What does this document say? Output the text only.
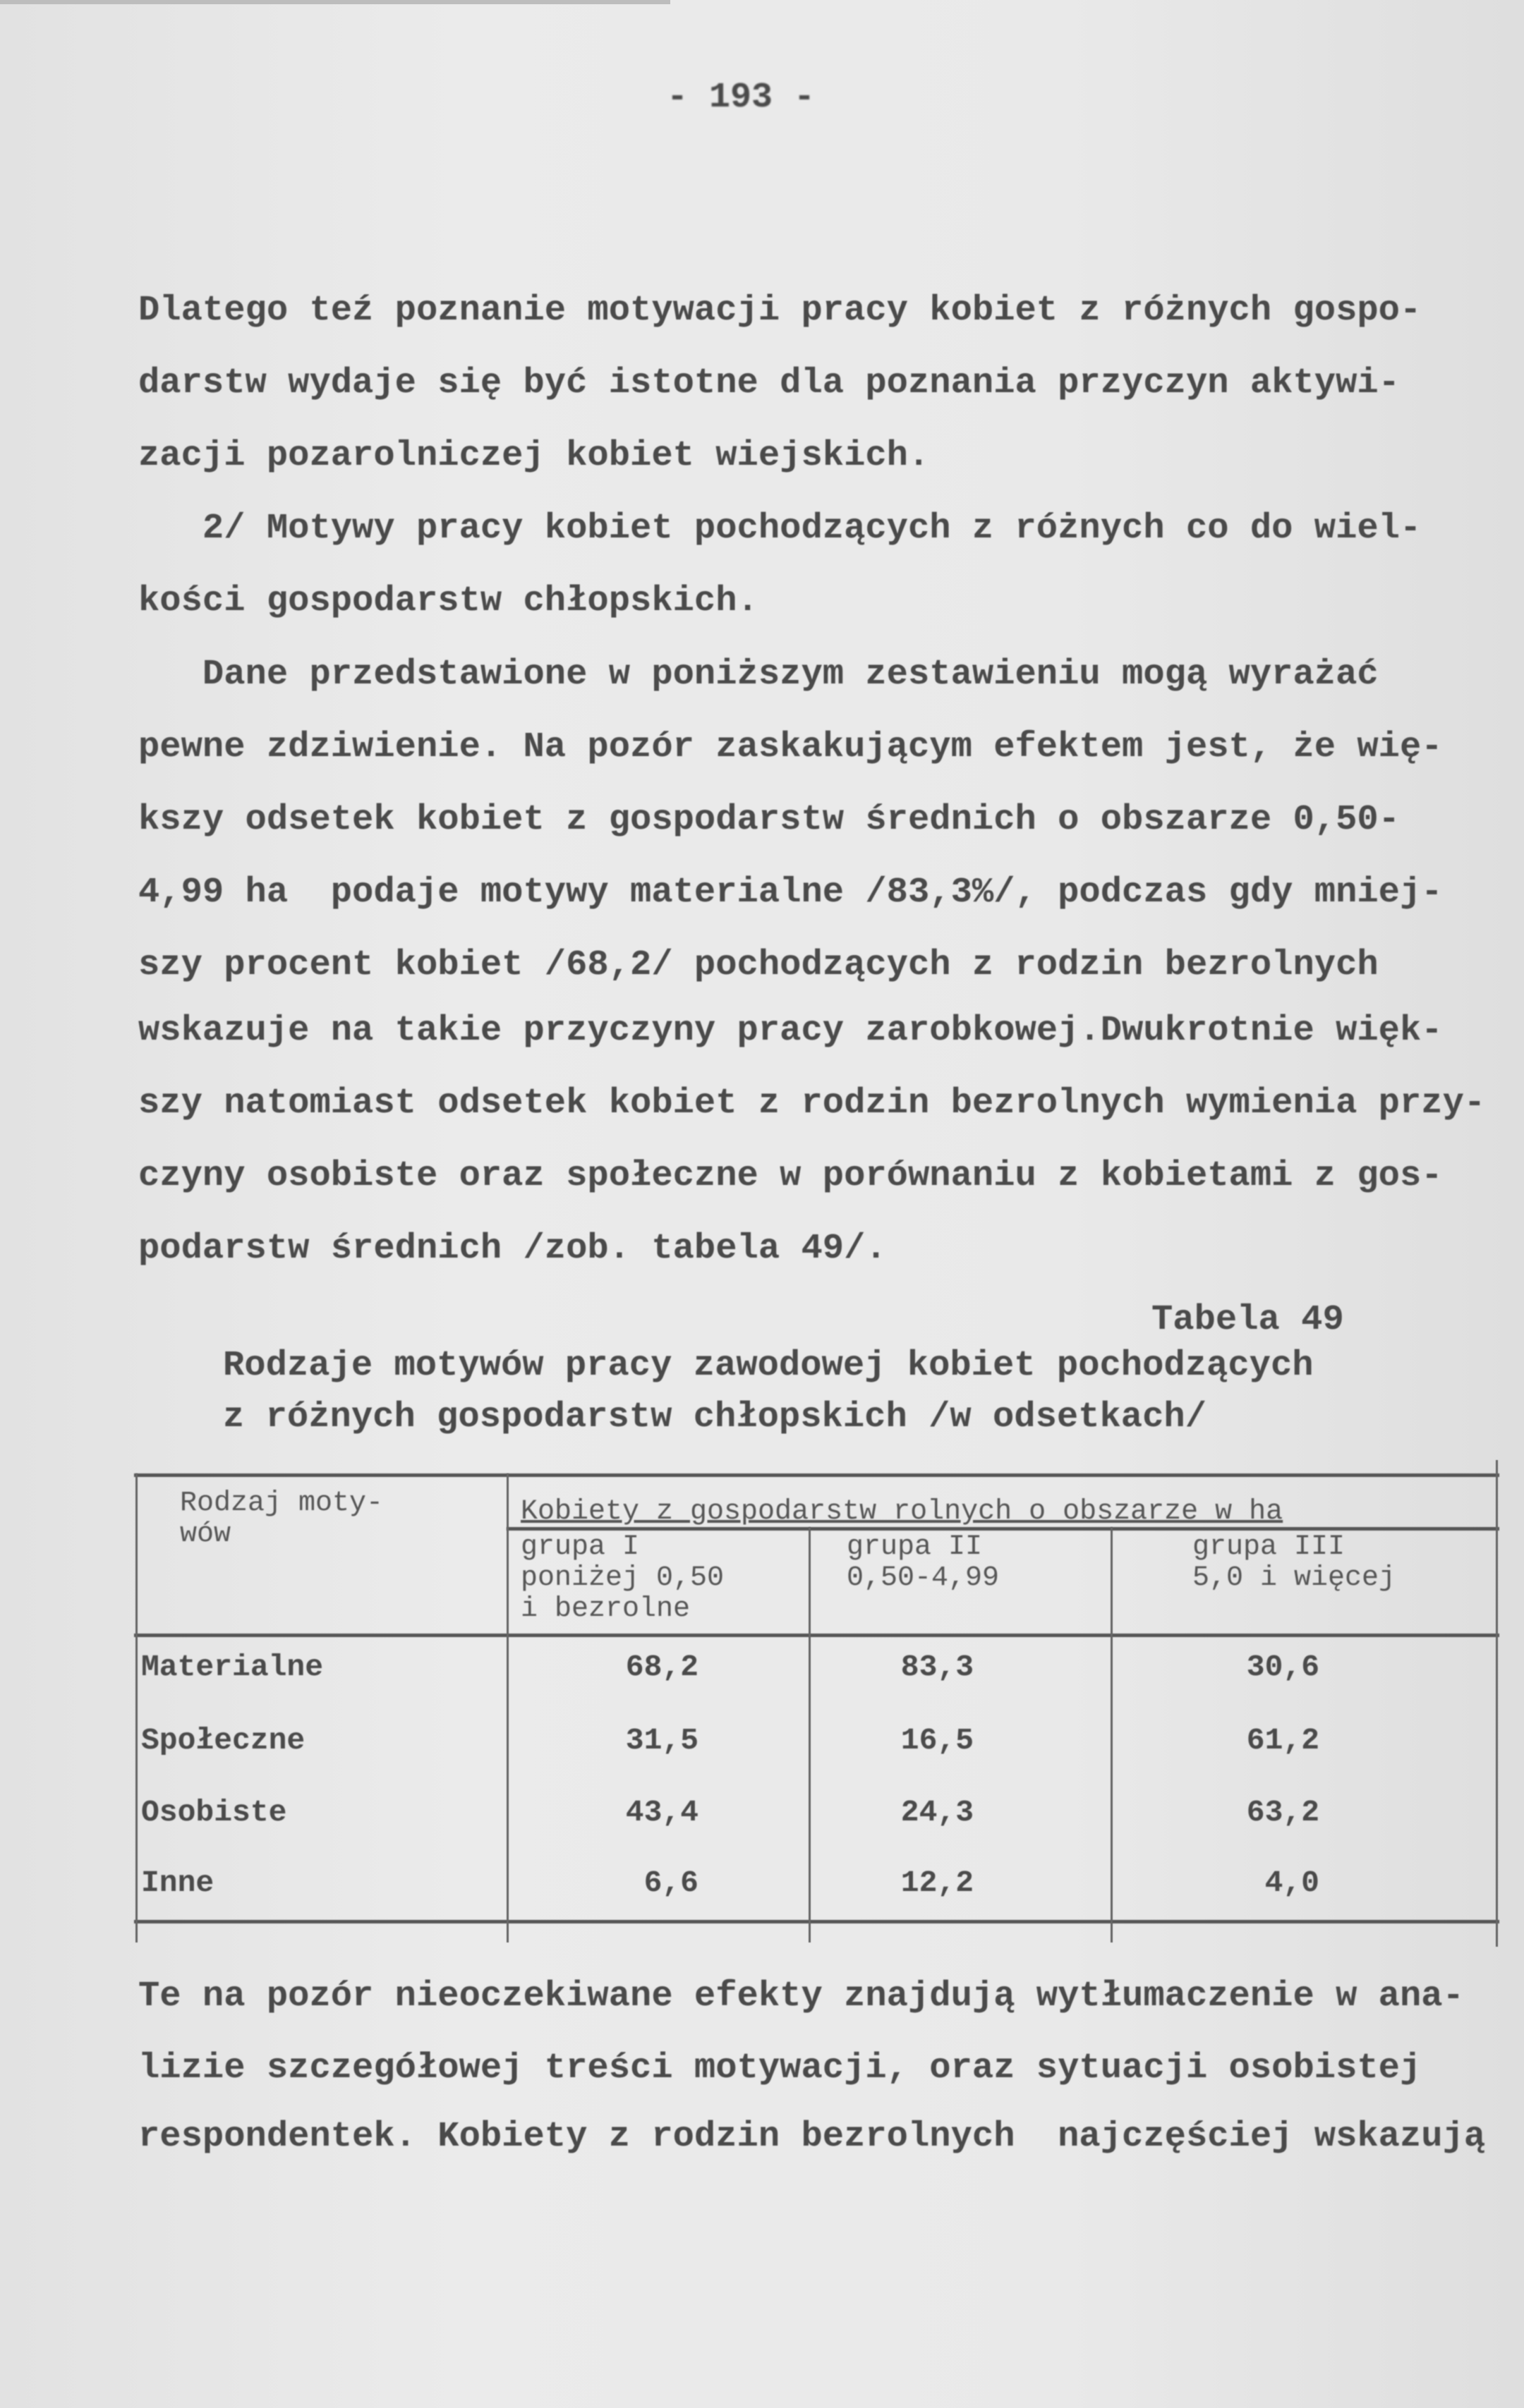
- 193 -
Dlatego teź poznanie motywacji pracy kobiet z różnych gospo-
darstw wydaje się być istotne dla poznania przyczyn aktywi-
zacji pozarolniczej kobiet wiejskich.
2/ Motywy pracy kobiet pochodzących z różnych co do wiel-
kości gospodarstw chłopskich.
Dane przedstawione w poniższym zestawieniu mogą wyrażać
pewne zdziwienie. Na pozór zaskakującym efektem jest, że wię-
kszy odsetek kobiet z gospodarstw średnich o obszarze 0,50-
4,99 ha  podaje motywy materialne /83,3%/, podczas gdy mniej-
szy procent kobiet /68,2/ pochodzących z rodzin bezrolnych
wskazuje na takie przyczyny pracy zarobkowej.Dwukrotnie więk-
szy natomiast odsetek kobiet z rodzin bezrolnych wymienia przy-
czyny osobiste oraz społeczne w porównaniu z kobietami z gos-
podarstw średnich /zob. tabela 49/.
Tabela 49
Rodzaje motywów pracy zawodowej kobiet pochodzących
z różnych gospodarstw chłopskich /w odsetkach/
Rodzaj moty-
wów
Kobiety z gospodarstw rolnych o obszarze w ha
grupa I
poniżej 0,50
i bezrolne
grupa II
0,50-4,99
grupa III
5,0 i więcej
Materialne	68,2	83,3	30,6
Społeczne	31,5	16,5	61,2
Osobiste	43,4	24,3	63,2
Inne	6,6	12,2	4,0
Te na pozór nieoczekiwane efekty znajdują wytłumaczenie w ana-
lizie szczegółowej treści motywacji, oraz sytuacji osobistej
respondentek. Kobiety z rodzin bezrolnych  najczęściej wskazują
